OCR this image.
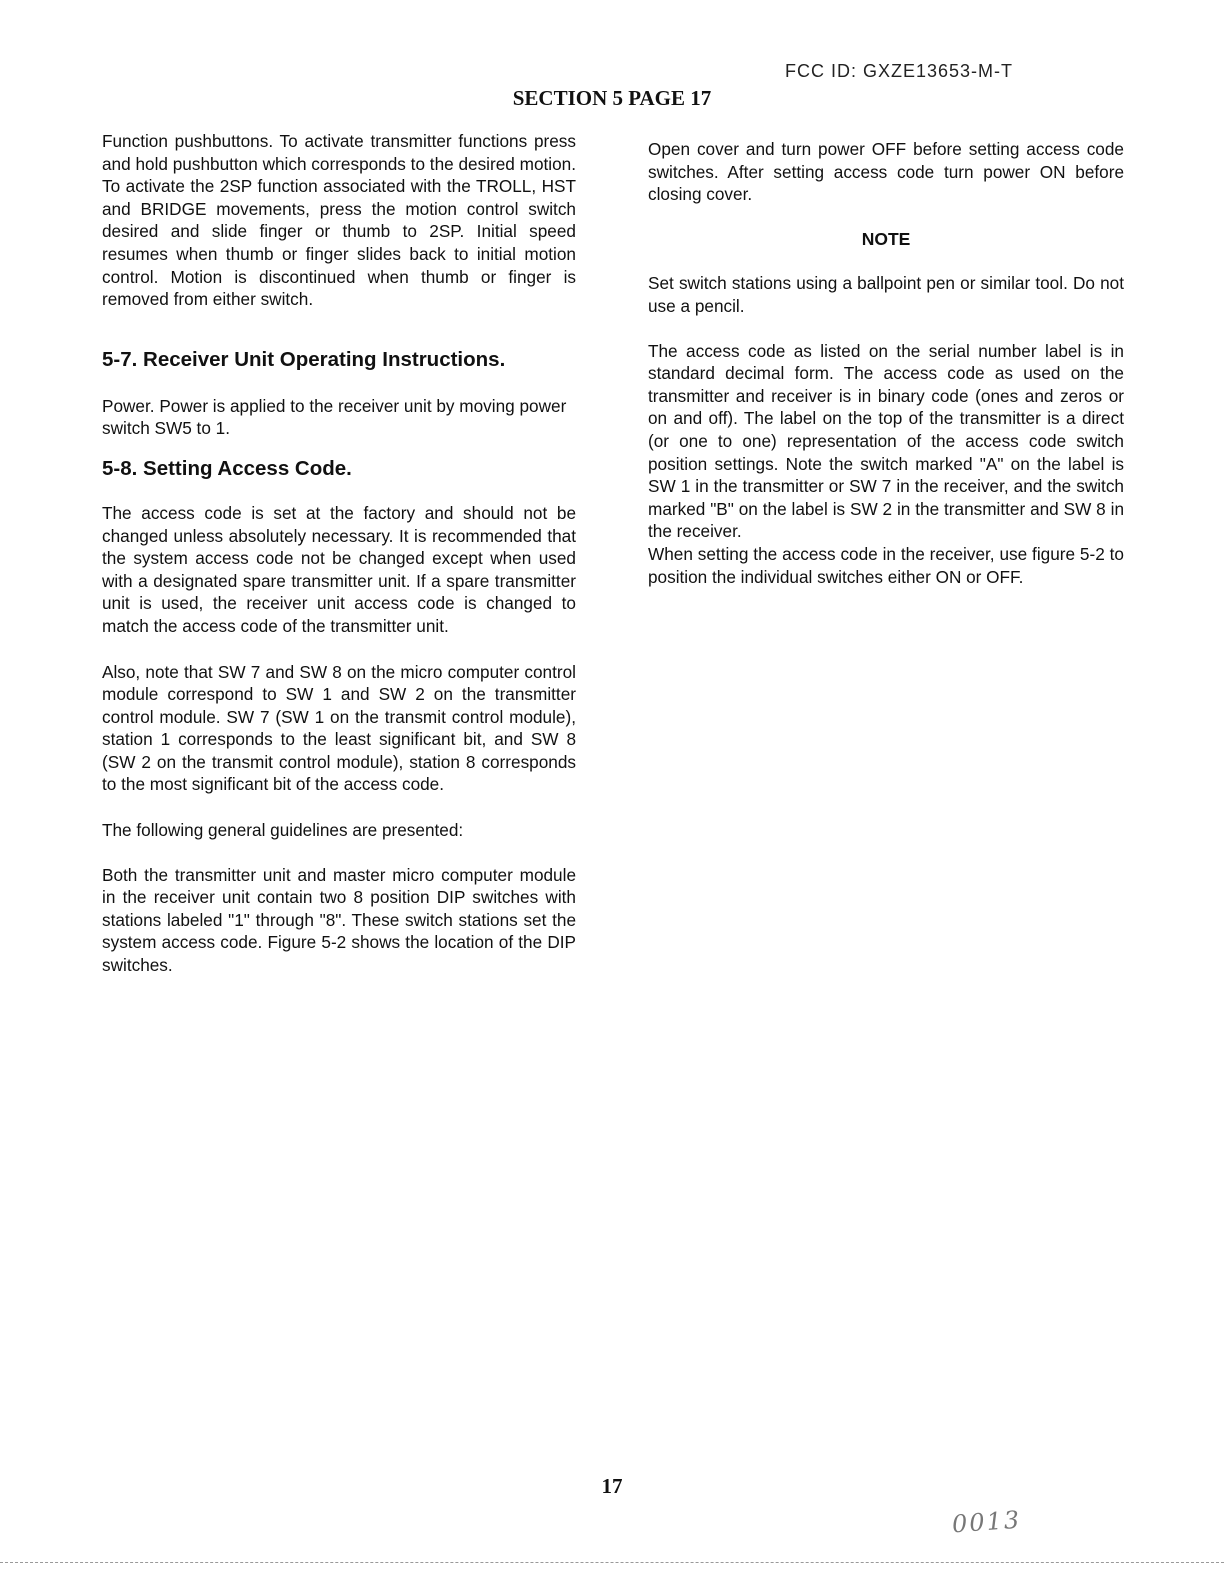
FCC ID: GXZE13653-M-T
SECTION 5 PAGE 17

Function pushbuttons. To activate transmitter functions press and hold pushbutton which corresponds to the desired motion. To activate the 2SP function associated with the TROLL, HST and BRIDGE movements, press the motion control switch desired and slide finger or thumb to 2SP. Initial speed resumes when thumb or finger slides back to initial motion control. Motion is discontinued when thumb or finger is removed from either switch.

5-7. Receiver Unit Operating Instructions.

Power. Power is applied to the receiver unit by moving power switch SW5 to 1.

5-8. Setting Access Code.

The access code is set at the factory and should not be changed unless absolutely necessary. It is recommended that the system access code not be changed except when used with a designated spare transmitter unit. If a spare transmitter unit is used, the receiver unit access code is changed to match the access code of the transmitter unit.

Also, note that SW 7 and SW 8 on the micro computer control module correspond to SW 1 and SW 2 on the transmitter control module. SW 7 (SW 1 on the transmit control module), station 1 corresponds to the least significant bit, and SW 8 (SW 2 on the transmit control module), station 8 corresponds to the most significant bit of the access code.

The following general guidelines are presented:

Both the transmitter unit and master micro computer module in the receiver unit contain two 8 position DIP switches with stations labeled "1" through "8". These switch stations set the system access code. Figure 5-2 shows the location of the DIP switches.

Open cover and turn power OFF before setting access code switches. After setting access code turn power ON before closing cover.

NOTE

Set switch stations using a ballpoint pen or similar tool. Do not use a pencil.

The access code as listed on the serial number label is in standard decimal form. The access code as used on the transmitter and receiver is in binary code (ones and zeros or on and off). The label on the top of the transmitter is a direct (or one to one) representation of the access code switch position settings. Note the switch marked "A" on the label is SW 1 in the transmitter or SW 7 in the receiver, and the switch marked "B" on the label is SW 2 in the transmitter and SW 8 in the receiver.

When setting the access code in the receiver, use figure 5-2 to position the individual switches either ON or OFF.

17
0013
